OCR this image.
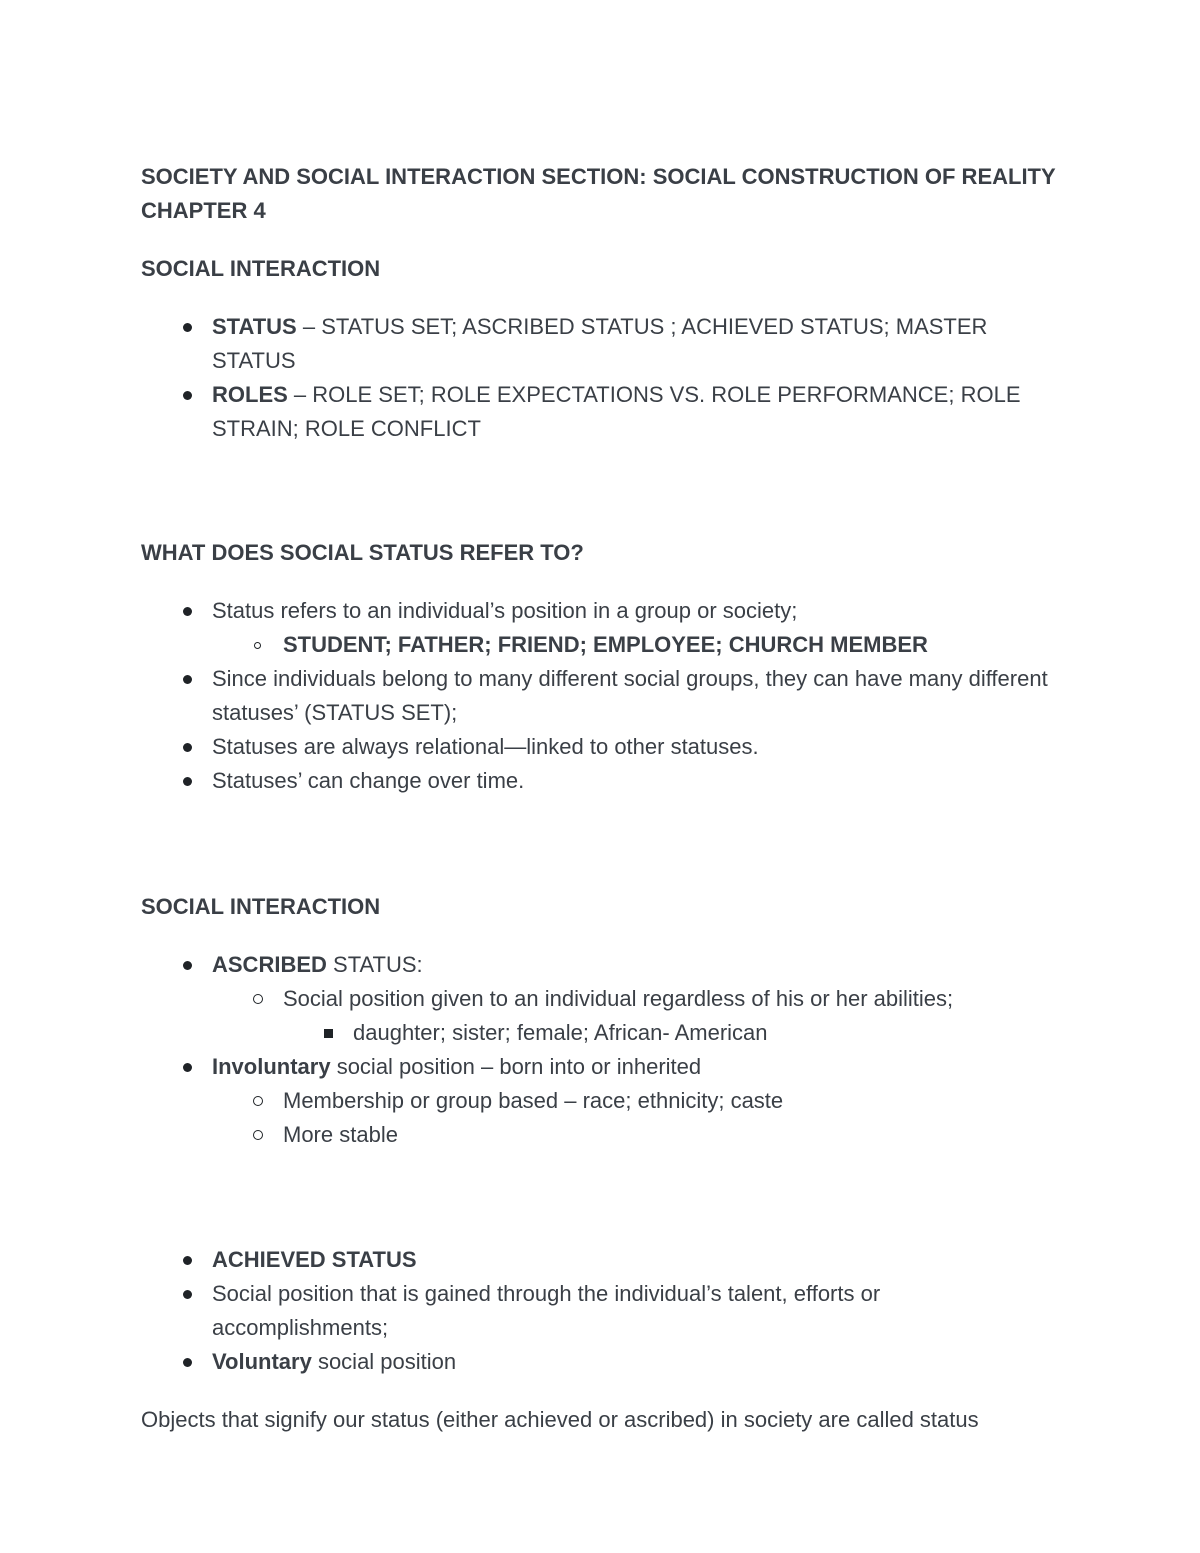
SOCIETY AND SOCIAL INTERACTION SECTION: SOCIAL CONSTRUCTION OF REALITY CHAPTER 4

SOCIAL INTERACTION

STATUS – STATUS SET; ASCRIBED STATUS ; ACHIEVED STATUS; MASTER STATUS
ROLES – ROLE SET; ROLE EXPECTATIONS VS. ROLE PERFORMANCE; ROLE STRAIN; ROLE CONFLICT

WHAT DOES SOCIAL STATUS REFER TO?

Status refers to an individual’s position in a group or society;
STUDENT; FATHER; FRIEND; EMPLOYEE; CHURCH MEMBER
Since individuals belong to many different social groups, they can have many different statuses’ (STATUS SET);
Statuses are always relational—linked to other statuses.
Statuses’ can change over time.

SOCIAL INTERACTION

ASCRIBED STATUS:
Social position given to an individual regardless of his or her abilities;
daughter; sister; female; African- American
Involuntary social position – born into or inherited
Membership or group based – race; ethnicity; caste
More stable
ACHIEVED STATUS
Social position that is gained through the individual’s talent, efforts or accomplishments;
Voluntary social position

Objects that signify our status (either achieved or ascribed) in society are called status
